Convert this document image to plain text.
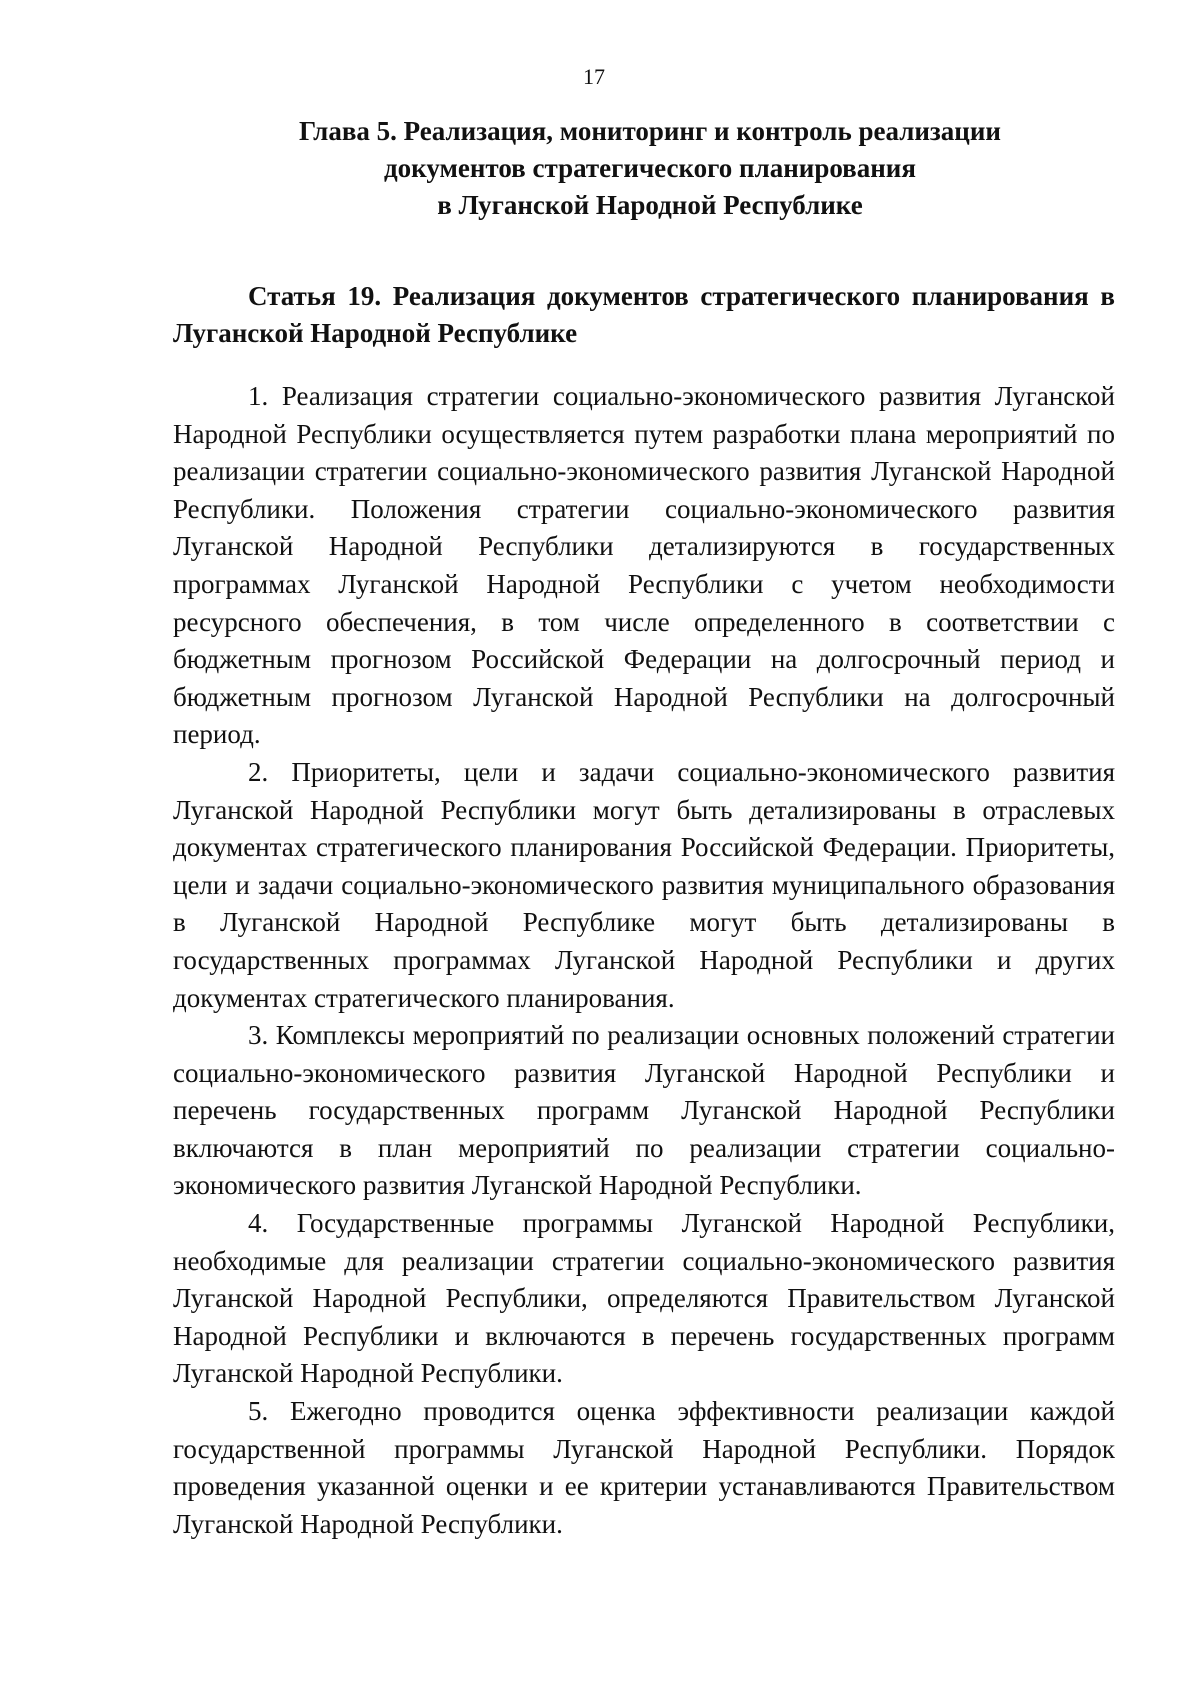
17
Глава 5. Реализация, мониторинг и контроль реализации
документов стратегического планирования
в Луганской Народной Республике
Статья 19. Реализация документов стратегического планирования в Луганской Народной Республике

1. Реализация стратегии социально-экономического развития Луганской Народной Республики осуществляется путем разработки плана мероприятий по реализации стратегии социально-экономического развития Луганской Народной Республики. Положения стратегии социально-экономического развития Луганской Народной Республики детализируются в государственных программах Луганской Народной Республики с учетом необходимости ресурсного обеспечения, в том числе определенного в соответствии с бюджетным прогнозом Российской Федерации на долгосрочный период и бюджетным прогнозом Луганской Народной Республики на долгосрочный период.

2. Приоритеты, цели и задачи социально-экономического развития Луганской Народной Республики могут быть детализированы в отраслевых документах стратегического планирования Российской Федерации. Приоритеты, цели и задачи социально-экономического развития муниципального образования в Луганской Народной Республике могут быть детализированы в государственных программах Луганской Народной Республики и других документах стратегического планирования.

3. Комплексы мероприятий по реализации основных положений стратегии социально-экономического развития Луганской Народной Республики и перечень государственных программ Луганской Народной Республики включаются в план мероприятий по реализации стратегии социально-экономического развития Луганской Народной Республики.

4. Государственные программы Луганской Народной Республики, необходимые для реализации стратегии социально-экономического развития Луганской Народной Республики, определяются Правительством Луганской Народной Республики и включаются в перечень государственных программ Луганской Народной Республики.

5. Ежегодно проводится оценка эффективности реализации каждой государственной программы Луганской Народной Республики. Порядок проведения указанной оценки и ее критерии устанавливаются Правительством Луганской Народной Республики.
